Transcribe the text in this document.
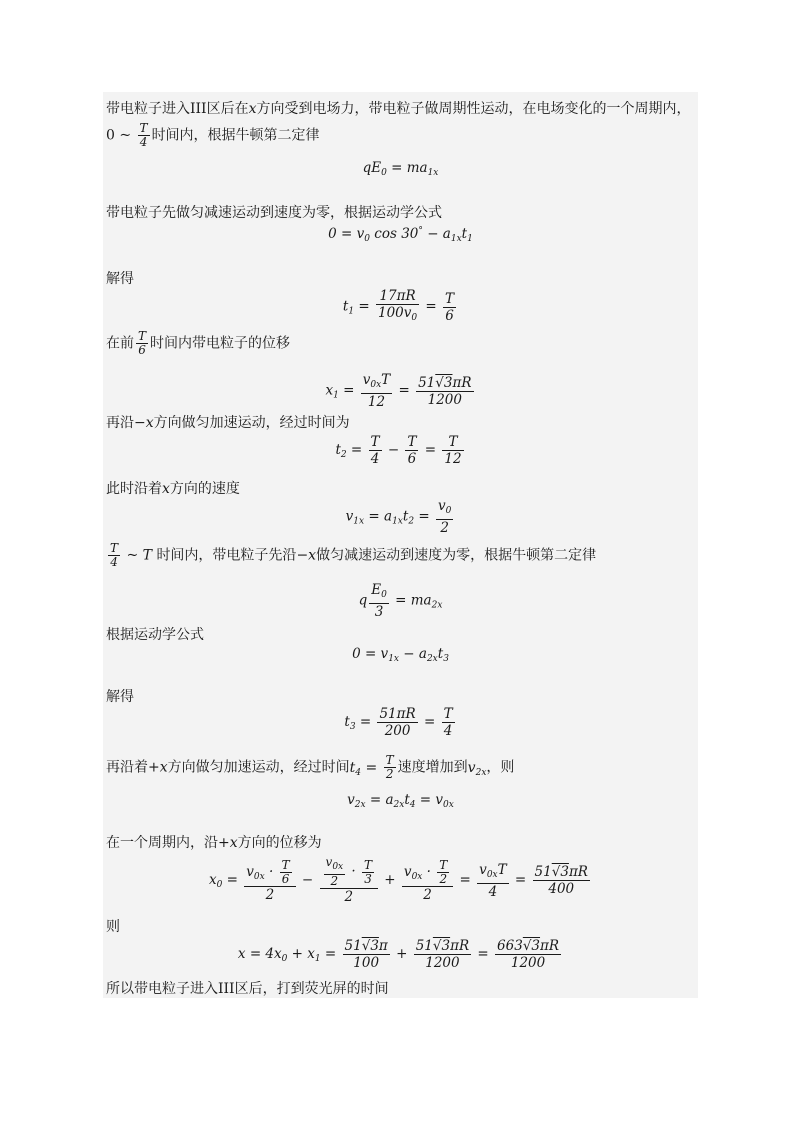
带电粒子进入III区后在x方向受到电场力，带电粒子做周期性运动，在电场变化的一个周期内，
0 ~ $\frac{T}{4}$ 时间内，根据牛顿第二定律
$qE_0 = ma_{1x}$
带电粒子先做匀减速运动到速度为零，根据运动学公式
$0 = v_0$ $\cos 30^\circ - a_{1x}t_1$
解得
$t_1 = \frac{17\pi R}{100v_0} = \frac{T}{6}$
在前 $\frac{T}{6}$ 时间内带电粒子的位移
$x_1 = \frac{v_{0x}T}{12} = \frac{51√3\pi R}{1200}$
再沿−x方向做匀加速运动，经过时间为
$t_2 = \frac{T}{4} - \frac{T}{6} = \frac{T}{12}$
此时沿着x方向的速度
$v_{1x} = a_{1x}t_2 = \frac{v_0}{2}$
$\frac{T}{4}$ ~ T 时间内，带电粒子先沿−x做匀减速运动到速度为零，根据牛顿第二定律
q $\frac{E_0}{3} = ma_{2x}$
根据运动学公式
$0 = v_{1x} - a_{2x}t_3$
解得
$t_3 = \frac{51\pi R}{200} = \frac{T}{4}$
再沿着+x方向做匀加速运动，经过时间$t_4 = \frac{T}{2}$ 速度增加到$v_{2x}$，则
$v_{2x} = a_{2x}t_4 = v_{0x}$
在一个周期内，沿+x方向的位移为
$x_0 = \frac{v_{0x} \cdot \frac{T}{6}}{2} - \frac{\frac{v_{0x}}{2} \cdot \frac{T}{3}}{2} + \frac{v_{0x} \cdot \frac{T}{2}}{2} = \frac{v_{0x}T}{4} = \frac{51√3\pi R}{400}$
则
$x = 4x_0 + x_1 = \frac{51√3\pi}{100} + \frac{51√3\pi R}{1200} = \frac{663√3\pi R}{1200}$
所以带电粒子进入III区后，打到荧光屏的时间
